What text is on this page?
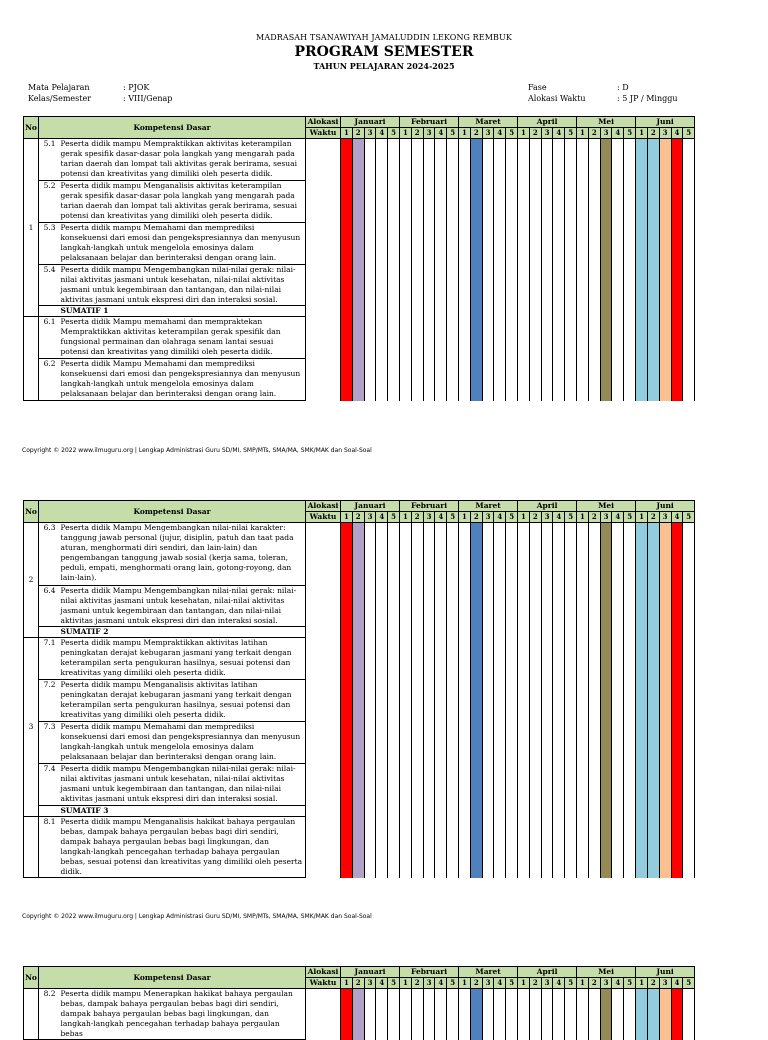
MADRASAH TSANAWIYAH JAMALUDDIN LEKONG REMBUK
PROGRAM SEMESTER
TAHUN PELAJARAN 2024-2025
Mata Pelajaran	: PJOK
Kelas/Semester	: VIII/Genap
Fase	: D
Alokasi Waktu	: 5 JP / Minggu
No	Kompetensi Dasar		Alokasi	Januari					Februari					Maret					April					Mei					Juni				
			Waktu	1	2	3	4	5	1	2	3	4	5	1	2	3	4	5	1	2	3	4	5	1	2	3	4	5	1	2	3	4	5
1	5.1	Peserta didik mampu Mempraktikkan aktivitas keterampilan gerak spesifik dasar-dasar pola langkah yang mengarah pada tarian daerah dan lompat tali aktivitas gerak berirama, sesuai potensi dan kreativitas yang dimiliki oleh peserta didik.																															
	5.2	Peserta didik mampu Menganalisis aktivitas keterampilan gerak spesifik dasar-dasar pola langkah yang mengarah pada tarian daerah dan lompat tali aktivitas gerak berirama, sesuai potensi dan kreativitas yang dimiliki oleh peserta didik.																															
	5.3	Peserta didik mampu Memahami dan memprediksi konsekuensi dari emosi dan pengekspresiannya dan menyusun langkah-langkah untuk mengelola emosinya dalam pelaksanaan belajar dan berinteraksi dengan orang lain.																															
	5.4	Peserta didik mampu Mengembangkan nilai-nilai gerak: nilai-nilai aktivitas jasmani untuk kesehatan, nilai-nilai aktivitas jasmani untuk kegembiraan dan tantangan, dan nilai-nilai aktivitas jasmani untuk ekspresi diri dan interaksi sosial.																															
		SUMATIF 1																															
	6.1	Peserta didik Mampu memahami dan mempraktekan Mempraktikkan aktivitas keterampilan gerak spesifik dan fungsional permainan dan olahraga senam lantai sesuai potensi dan kreativitas yang dimiliki oleh peserta didik.																															
	6.2	Peserta didik Mampu Memahami dan memprediksi konsekuensi dari emosi dan pengekspresiannya dan menyusun langkah-langkah untuk mengelola emosinya dalam pelaksanaan belajar dan berinteraksi dengan orang lain.																															
Copyright © 2022 www.ilmuguru.org | Lengkap Administrasi Guru SD/MI, SMP/MTs, SMA/MA, SMK/MAK dan Soal-Soal
No	Kompetensi Dasar		Alokasi	Januari					Februari					Maret					April					Mei					Juni				
			Waktu	1	2	3	4	5	1	2	3	4	5	1	2	3	4	5	1	2	3	4	5	1	2	3	4	5	1	2	3	4	5
2	6.3	Peserta didik Mampu Mengembangkan nilai-nilai karakter: tanggung jawab personal (jujur, disiplin, patuh dan taat pada aturan, menghormati diri sendiri, dan lain-lain) dan pengembangan tanggung jawab sosial (kerja sama, toleran, peduli, empati, menghormati orang lain, gotong-royong, dan lain-lain).																															
	6.4	Peserta didik Mampu Mengembangkan nilai-nilai gerak: nilai-nilai aktivitas jasmani untuk kesehatan, nilai-nilai aktivitas jasmani untuk kegembiraan dan tantangan, dan nilai-nilai aktivitas jasmani untuk ekspresi diri dan interaksi sosial.																															
		SUMATIF 2																															
3	7.1	Peserta didik mampu Mempraktikkan aktivitas latihan peningkatan derajat kebugaran jasmani yang terkait dengan keterampilan serta pengukuran hasilnya, sesuai potensi dan kreativitas yang dimiliki oleh peserta didik.																															
	7.2	Peserta didik mampu Menganalisis aktivitas latihan peningkatan derajat kebugaran jasmani yang terkait dengan keterampilan serta pengukuran hasilnya, sesuai potensi dan kreativitas yang dimiliki oleh peserta didik.																															
	7.3	Peserta didik mampu Memahami dan memprediksi konsekuensi dari emosi dan pengekspresiannya dan menyusun langkah-langkah untuk mengelola emosinya dalam pelaksanaan belajar dan berinteraksi dengan orang lain.																															
	7.4	Peserta didik mampu Mengembangkan nilai-nilai gerak: nilai-nilai aktivitas jasmani untuk kesehatan, nilai-nilai aktivitas jasmani untuk kegembiraan dan tantangan, dan nilai-nilai aktivitas jasmani untuk ekspresi diri dan interaksi sosial.																															
		SUMATIF 3																															
	8.1	Peserta didik mampu Menganalisis hakikat bahaya pergaulan bebas, dampak bahaya pergaulan bebas bagi diri sendiri, dampak bahaya pergaulan bebas bagi lingkungan, dan langkah-langkah pencegahan terhadap bahaya pergaulan bebas, sesuai potensi dan kreativitas yang dimiliki oleh peserta didik.																															
Copyright © 2022 www.ilmuguru.org | Lengkap Administrasi Guru SD/MI, SMP/MTs, SMA/MA, SMK/MAK dan Soal-Soal
No	Kompetensi Dasar		Alokasi	Januari					Februari					Maret					April					Mei					Juni				
			Waktu	1	2	3	4	5	1	2	3	4	5	1	2	3	4	5	1	2	3	4	5	1	2	3	4	5	1	2	3	4	5
	8.2	Peserta didik mampu Menerapkan hakikat bahaya pergaulan bebas, dampak bahaya pergaulan bebas bagi diri sendiri, dampak bahaya pergaulan bebas bagi lingkungan, dan langkah-langkah pencegahan terhadap bahaya pergaulan bebas																															
